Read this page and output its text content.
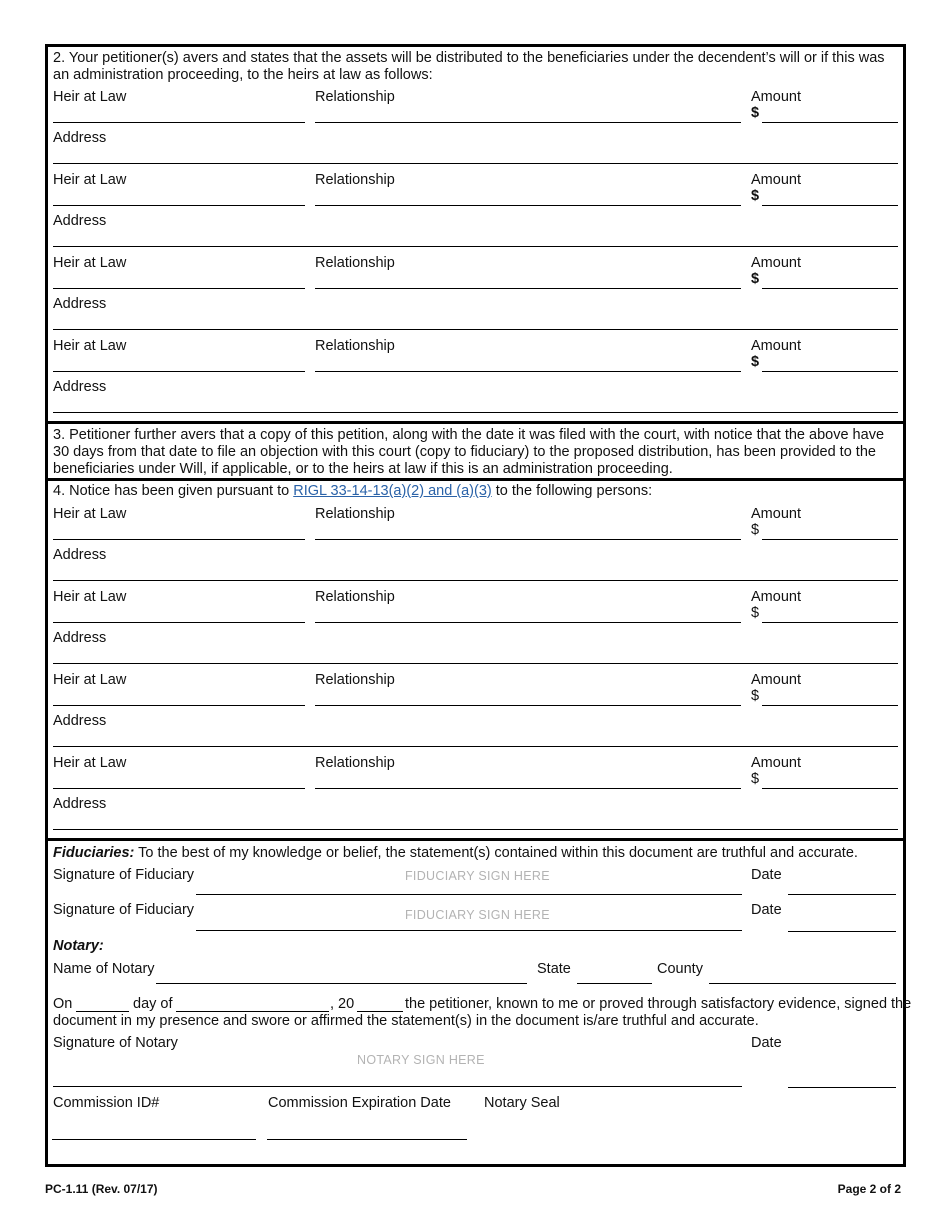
2. Your petitioner(s) avers and states that the assets will be distributed to the beneficiaries under the decendent’s will or if this was an administration proceeding, to the heirs at law as follows:
Heir at Law	Relationship	Amount
$
Address
Heir at Law	Relationship	Amount
$
Address
Heir at Law	Relationship	Amount
$
Address
Heir at Law	Relationship	Amount
$
Address
3. Petitioner further avers that a copy of this petition, along with the date it was filed with the court, with notice that the above have 30 days from that date to file an objection with this court (copy to fiduciary) to the proposed distribution, has been provided to the beneficiaries under Will, if applicable, or to the heirs at law if this is an administration proceeding.
4. Notice has been given pursuant to RIGL 33-14-13(a)(2) and (a)(3) to the following persons:
Heir at Law	Relationship	Amount
$
Address
Heir at Law	Relationship	Amount
$
Address
Heir at Law	Relationship	Amount
$
Address
Heir at Law	Relationship	Amount
$
Address
Fiduciaries: To the best of my knowledge or belief, the statement(s) contained within this document are truthful and accurate.
Signature of Fiduciary	FIDUCIARY SIGN HERE	Date
Signature of Fiduciary	FIDUCIARY SIGN HERE	Date
Notary:
Name of Notary	State	County
On	day of	, 20	the petitioner, known to me or proved through satisfactory evidence, signed the
document in my presence and swore or affirmed the statement(s) in the document is/are truthful and accurate.
Signature of Notary
NOTARY SIGN HERE
Date
Commission ID#	Commission Expiration Date Notary Seal
PC-1.11 (Rev. 07/17)	Page 2 of 2
